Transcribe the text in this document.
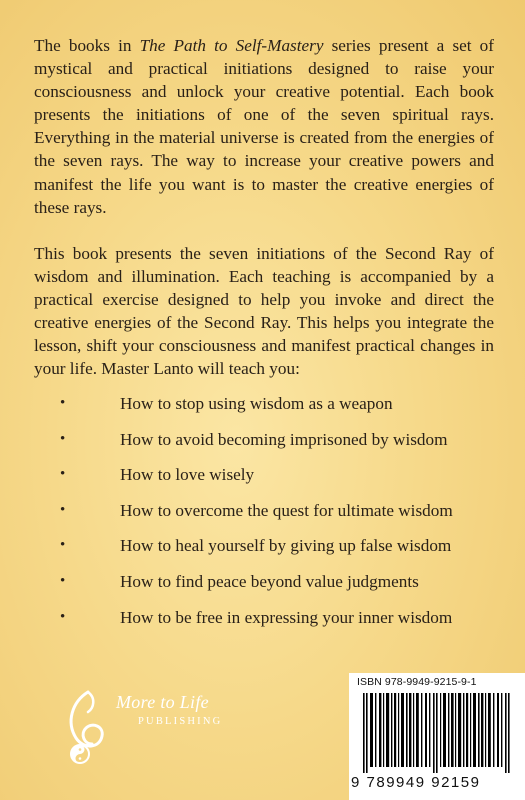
The books in The Path to Self-Mastery series present a set of mystical and practical initiations designed to raise your consciousness and unlock your creative potential. Each book presents the initiations of one of the seven spiritual rays. Everything in the material universe is created from the energies of the seven rays. The way to increase your creative powers and manifest the life you want is to master the creative energies of these rays.

This book presents the seven initiations of the Second Ray of wisdom and illumination. Each teaching is accompanied by a practical exercise designed to help you invoke and direct the creative energies of the Second Ray. This helps you integrate the lesson, shift your consciousness and manifest practical changes in your life. Master Lanto will teach you:

•	How to stop using wisdom as a weapon
•	How to avoid becoming imprisoned by wisdom
•	How to love wisely
•	How to overcome the quest for ultimate wisdom
•	How to heal yourself by giving up false wisdom
•	How to find peace beyond value judgments
•	How to be free in expressing your inner wisdom
More to Life
PUBLISHING
ISBN 978-9949-9215-9-1
9 789949 92159
